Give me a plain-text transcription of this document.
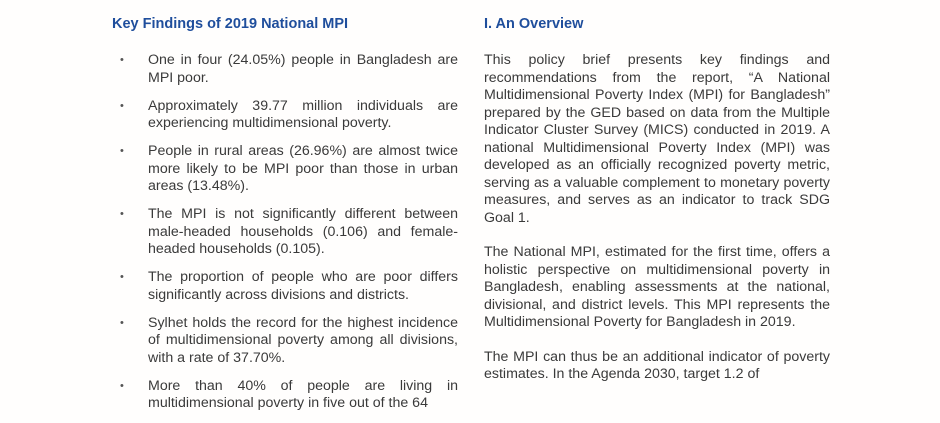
Key Findings of 2019 National MPI
• One in four (24.05%) people in Bangladesh are MPI poor.
• Approximately 39.77 million individuals are experiencing multidimensional poverty.
• People in rural areas (26.96%) are almost twice more likely to be MPI poor than those in urban areas (13.48%).
• The MPI is not significantly different between male-headed households (0.106) and female-headed households (0.105).
• The proportion of people who are poor differs significantly across divisions and districts.
• Sylhet holds the record for the highest incidence of multidimensional poverty among all divisions, with a rate of 37.70%.
• More than 40% of people are living in multidimensional poverty in five out of the 64
I. An Overview

This policy brief presents key findings and recommendations from the report, “A National Multidimensional Poverty Index (MPI) for Bangladesh” prepared by the GED based on data from the Multiple Indicator Cluster Survey (MICS) conducted in 2019. A national Multidimensional Poverty Index (MPI) was developed as an officially recognized poverty metric, serving as a valuable complement to monetary poverty measures, and serves as an indicator to track SDG Goal 1.

The National MPI, estimated for the first time, offers a holistic perspective on multidimensional poverty in Bangladesh, enabling assessments at the national, divisional, and district levels. This MPI represents the Multidimensional Poverty for Bangladesh in 2019.

The MPI can thus be an additional indicator of poverty estimates. In the Agenda 2030, target 1.2 of
